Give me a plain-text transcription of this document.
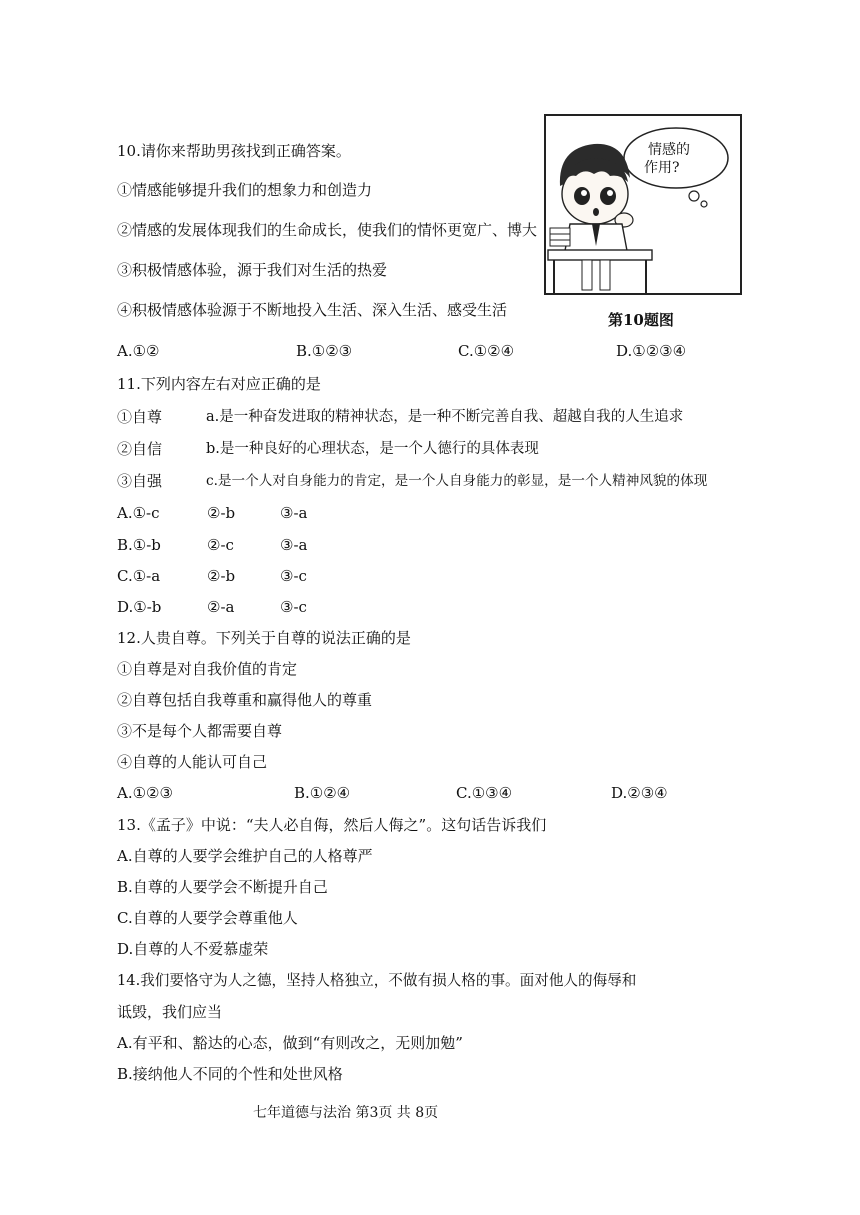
10.请你来帮助男孩找到正确答案。
①情感能够提升我们的想象力和创造力
②情感的发展体现我们的生命成长，使我们的情怀更宽广、博大
③积极情感体验，源于我们对生活的热爱
④积极情感体验源于不断地投入生活、深入生活、感受生活
情感的
作用?
第10题图
A.①②	B.①②③	C.①②④	D.①②③④
11.下列内容左右对应正确的是
①自尊	a.是一种奋发进取的精神状态，是一种不断完善自我、超越自我的人生追求
②自信	b.是一种良好的心理状态，是一个人德行的具体表现
③自强	c.是一个人对自身能力的肯定，是一个人自身能力的彰显，是一个人精神风貌的体现
A.①-c	②-b	③-a
B.①-b	②-c	③-a
C.①-a	②-b	③-c
D.①-b	②-a	③-c
12.人贵自尊。下列关于自尊的说法正确的是
①自尊是对自我价值的肯定
②自尊包括自我尊重和赢得他人的尊重
③不是每个人都需要自尊
④自尊的人能认可自己
A.①②③	B.①②④	C.①③④	D.②③④
13.《孟子》中说：“夫人必自侮，然后人侮之”。这句话告诉我们
A.自尊的人要学会维护自己的人格尊严
B.自尊的人要学会不断提升自己
C.自尊的人要学会尊重他人
D.自尊的人不爱慕虚荣
14.我们要恪守为人之德，坚持人格独立，不做有损人格的事。面对他人的侮辱和
诋毁，我们应当
A.有平和、豁达的心态，做到“有则改之，无则加勉”
B.接纳他人不同的个性和处世风格
七年道德与法治 第3页 共 8页
